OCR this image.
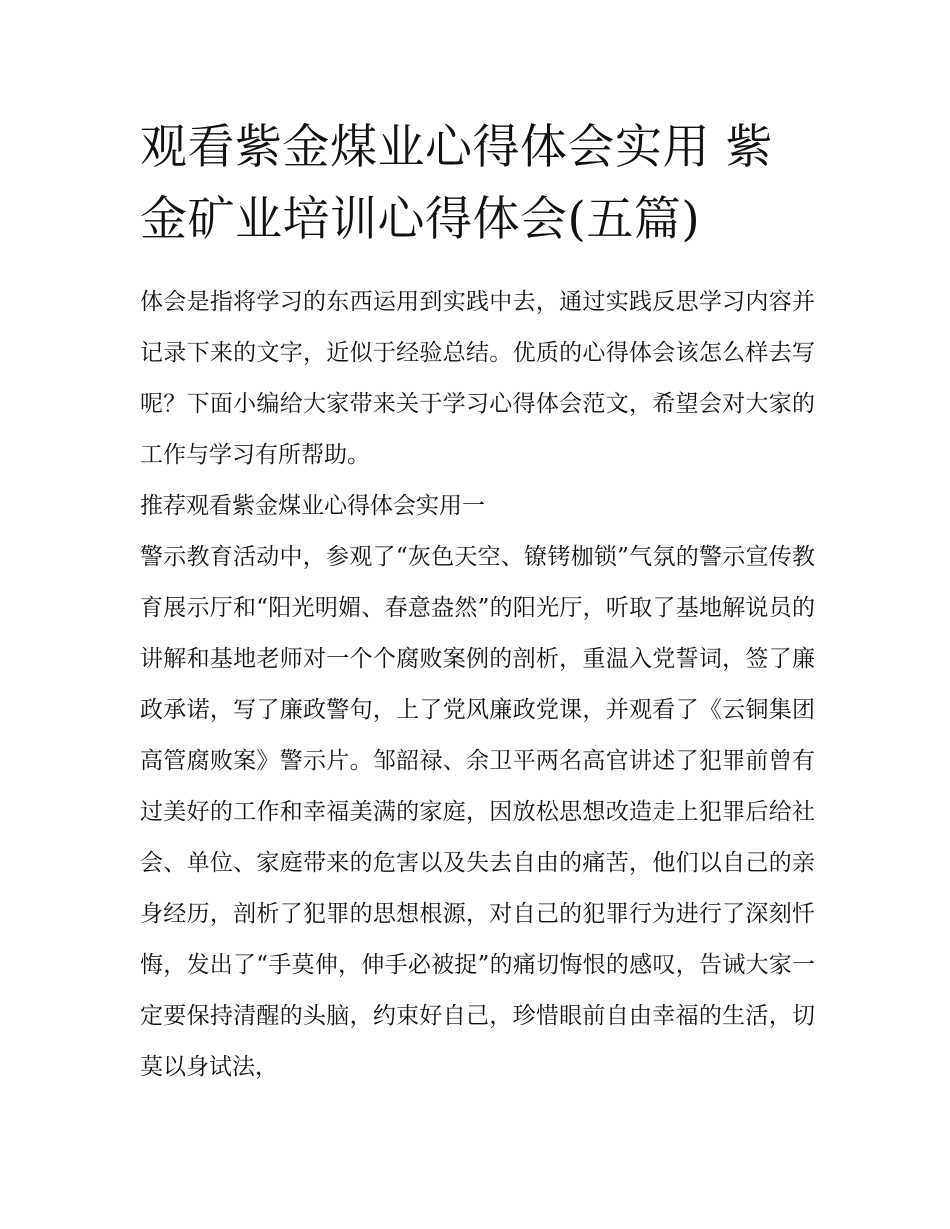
观看紫金煤业心得体会实用 紫金矿业培训心得体会(五篇)

体会是指将学习的东西运用到实践中去，通过实践反思学习内容并记录下来的文字，近似于经验总结。优质的心得体会该怎么样去写呢？下面小编给大家带来关于学习心得体会范文，希望会对大家的工作与学习有所帮助。

推荐观看紫金煤业心得体会实用一

警示教育活动中，参观了“灰色天空、镣铐枷锁”气氛的警示宣传教育展示厅和“阳光明媚、春意盎然”的阳光厅，听取了基地解说员的讲解和基地老师对一个个腐败案例的剖析，重温入党誓词，签了廉政承诺，写了廉政警句，上了党风廉政党课，并观看了《云铜集团高管腐败案》警示片。邹韶禄、余卫平两名高官讲述了犯罪前曾有过美好的工作和幸福美满的家庭，因放松思想改造走上犯罪后给社会、单位、家庭带来的危害以及失去自由的痛苦，他们以自己的亲身经历，剖析了犯罪的思想根源，对自己的犯罪行为进行了深刻忏悔，发出了“手莫伸，伸手必被捉”的痛切悔恨的感叹，告诫大家一定要保持清醒的头脑，约束好自己，珍惜眼前自由幸福的生活，切莫以身试法，
